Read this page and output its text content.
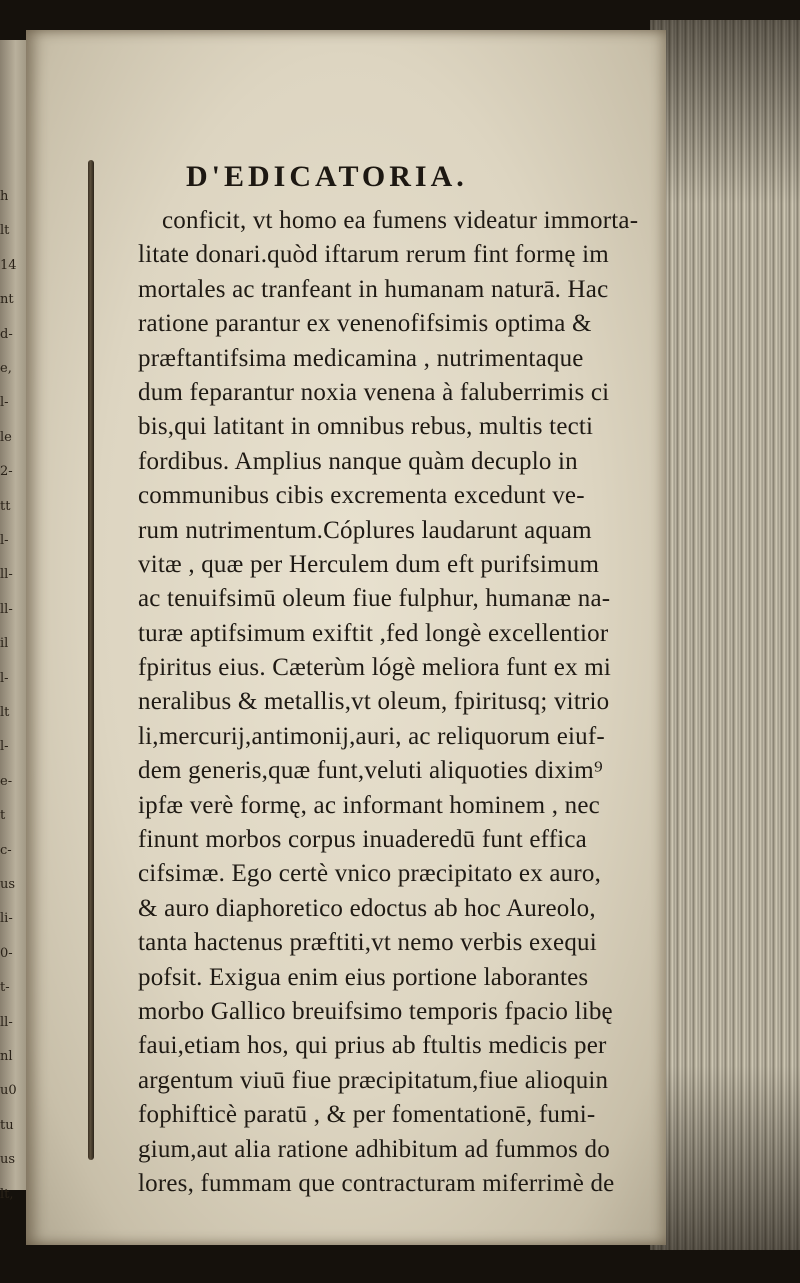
h
lt
14
nt
d-
e,
l-
le
2-
tt
l-
ll-
ll-
il
l-
lt
l-
e-
t
c-
us
li-
0-
t-
ll-
nl
u0
tu
us
lt,
D'EDICATORIA.
conficit, vt homo ea fumens videatur immorta-
litate donari.quòd iftarum rerum fint formę im
mortales ac tranfeant in humanam naturā. Hac
ratione parantur ex venenofifsimis optima &
præftantifsima medicamina , nutrimentaque
dum feparantur noxia venena à faluberrimis ci
bis,qui latitant in omnibus rebus, multis tecti
fordibus. Amplius nanque quàm decuplo in
communibus cibis excrementa excedunt ve-
rum nutrimentum.Cóplures laudarunt aquam
vitæ , quæ per Herculem dum eft purifsimum
ac tenuifsimū oleum fiue fulphur, humanæ na-
turæ aptifsimum exiftit ,fed longè excellentior
fpiritus eius. Cæterùm lógè meliora funt ex mi
neralibus & metallis,vt oleum, fpiritusq; vitrio
li,mercurij,antimonij,auri, ac reliquorum eiuf-
dem generis,quæ funt,veluti aliquoties dixim⁹
ipfæ verè formę, ac informant hominem , nec
finunt morbos corpus inuaderedū funt effica
cifsimæ. Ego certè vnico præcipitato ex auro,
& auro diaphoretico edoctus ab hoc Aureolo,
tanta hactenus præftiti,vt nemo verbis exequi
pofsit. Exigua enim eius portione laborantes
morbo Gallico breuifsimo temporis fpacio libę
faui,etiam hos, qui prius ab ftultis medicis per
argentum viuū fiue præcipitatum,fiue alioquin
fophifticè paratū , & per fomentationē, fumi-
gium,aut alia ratione adhibitum ad fummos do
lores, fummam que contracturam miferrimè de
